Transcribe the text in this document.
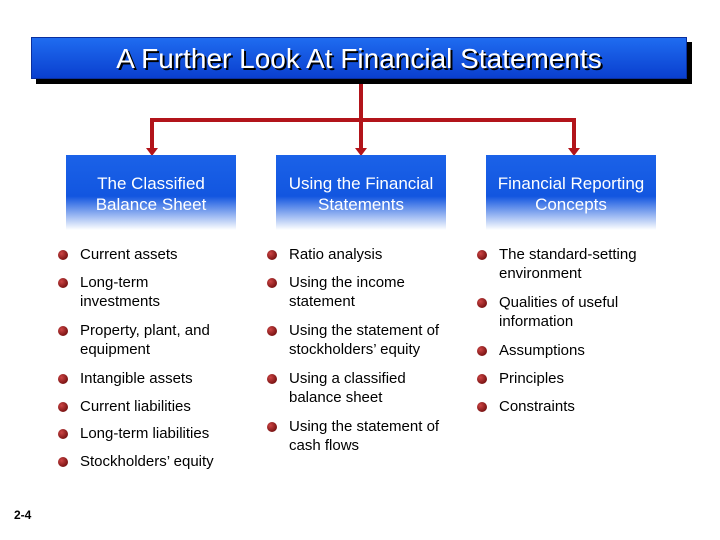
A Further Look At Financial Statements
The Classified Balance Sheet
Using the Financial Statements
Financial Reporting Concepts
Current assets
Long-term investments
Property, plant, and equipment
Intangible assets
Current liabilities
Long-term liabilities
Stockholders’ equity
Ratio analysis
Using the income statement
Using the statement of stockholders’ equity
Using a classified balance sheet
Using the statement of cash flows
The standard-setting environment
Qualities of useful information
Assumptions
Principles
Constraints
2-4
